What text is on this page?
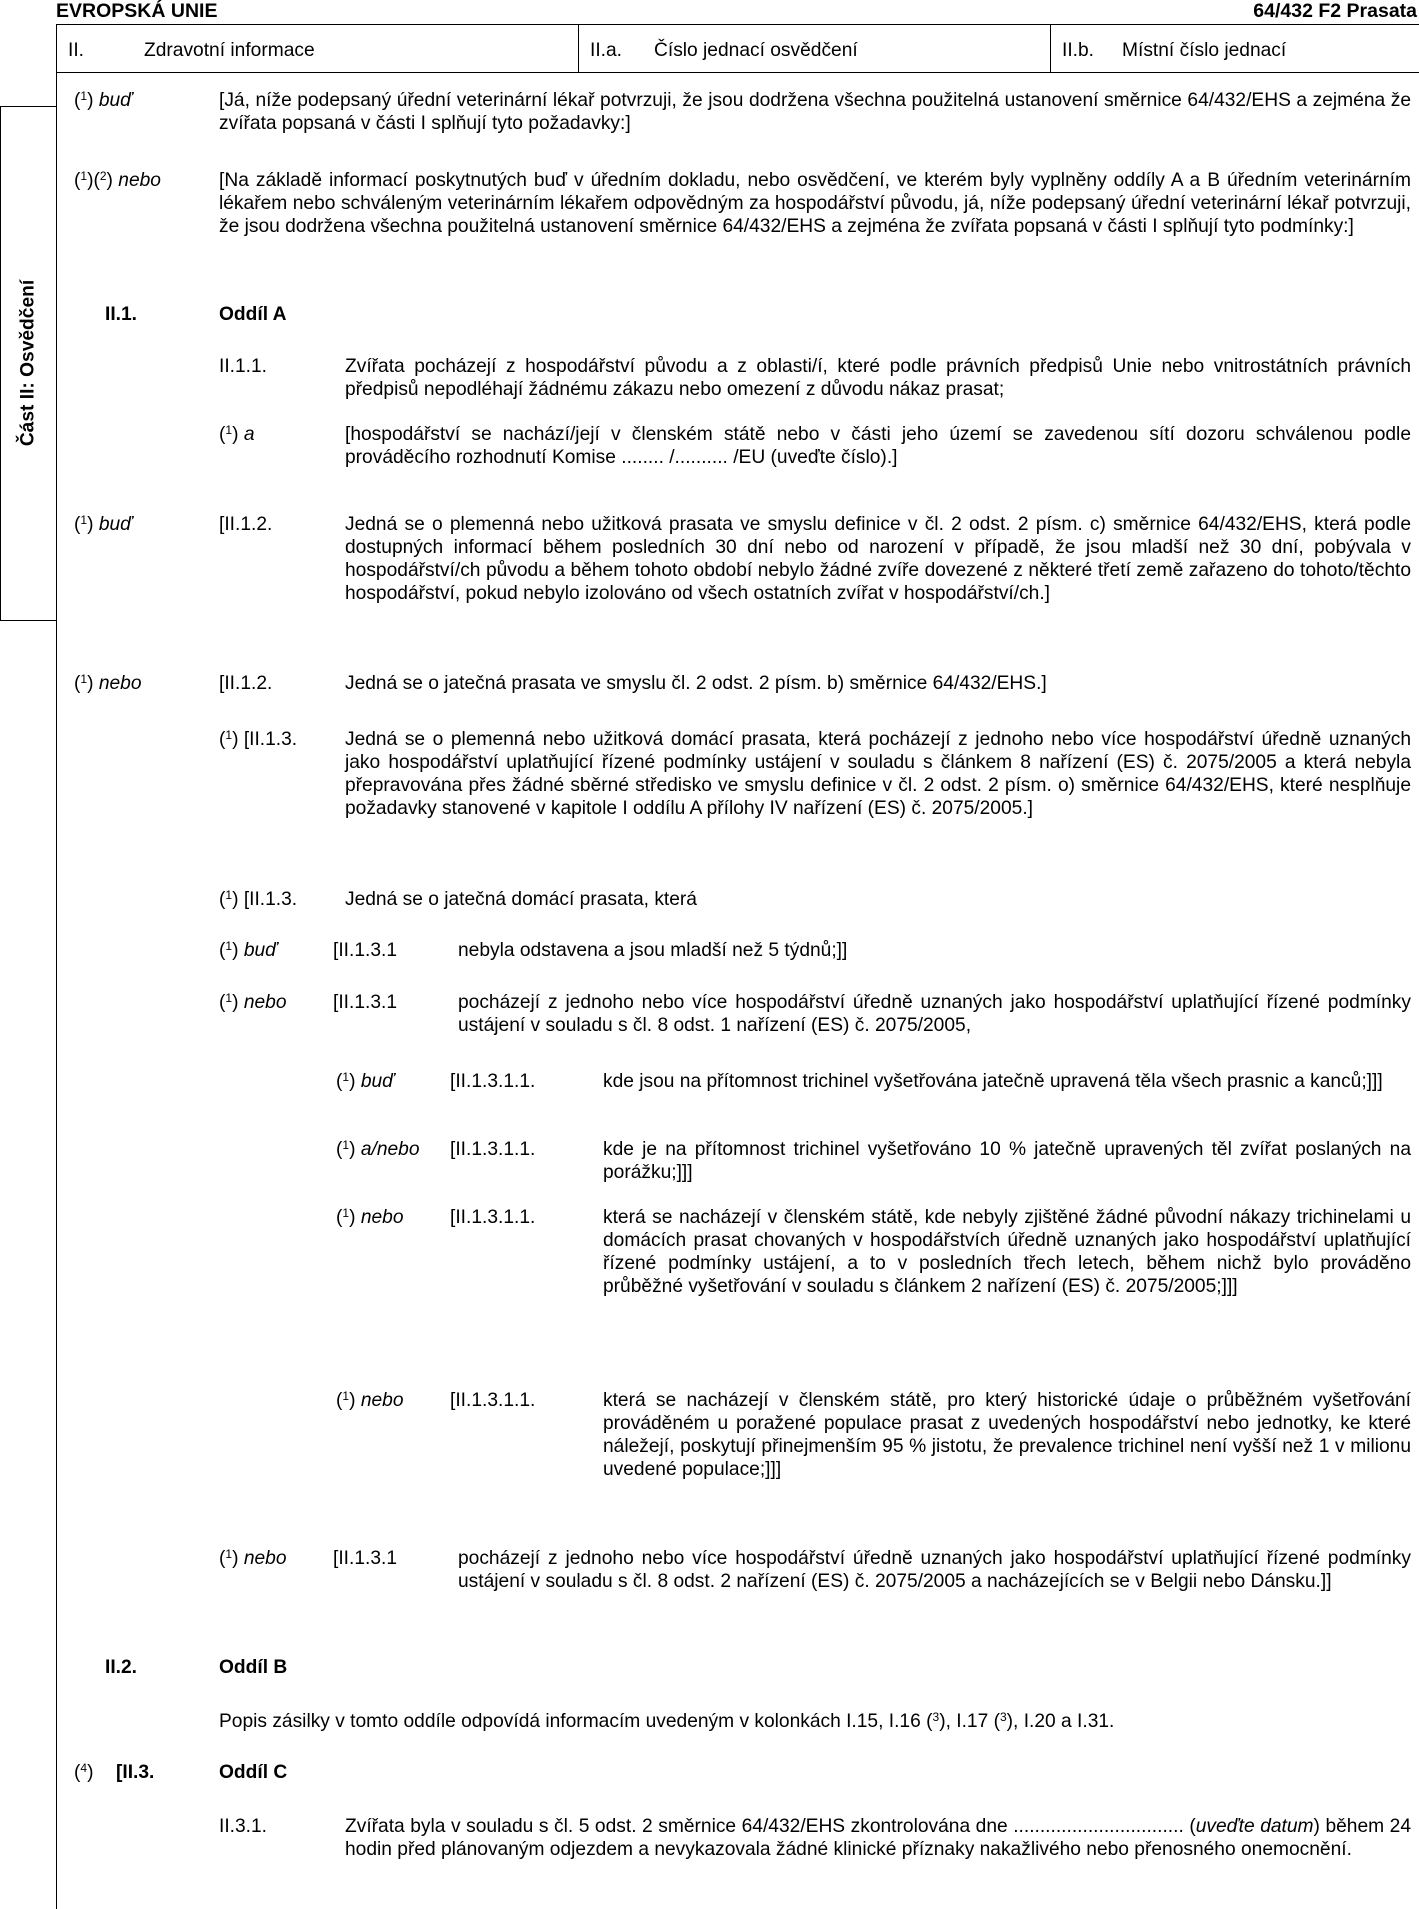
EVROPSKÁ UNIE	64/432 F2 Prasata
II.	Zdravotní informace	II.a. Číslo jednací osvědčení	II.b. Místní číslo jednací
Část II: Osvědčení
($^1$) buď	[Já, níže podepsaný úřední veterinární lékař potvrzuji, že jsou dodržena všechna použitelná ustanovení směrnice 64/432/EHS a zejména že zvířata popsaná v části I splňují tyto požadavky:]
($^1$)($^2$) nebo	[Na základě informací poskytnutých buď v úředním dokladu, nebo osvědčení, ve kterém byly vyplněny oddíly A a B úředním veterinárním lékařem nebo schváleným veterinárním lékařem odpovědným za hospodářství původu, já, níže podepsaný úřední veterinární lékař potvrzuji, že jsou dodržena všechna použitelná ustanovení směrnice 64/432/EHS a zejména že zvířata popsaná v části I splňují tyto podmínky:]
II.1.	Oddíl A
II.1.1.	Zvířata pocházejí z hospodářství původu a z oblasti/í, které podle právních předpisů Unie nebo vnitrostátních právních předpisů nepodléhají žádnému zákazu nebo omezení z důvodu nákaz prasat;
($^1$) a	[hospodářství se nachází/její v členském státě nebo v části jeho území se zavedenou sítí dozoru schválenou podle prováděcího rozhodnutí Komise ........ /.......... /EU (uveďte číslo).]
($^1$) buď	[II.1.2.	Jedná se o plemenná nebo užitková prasata ve smyslu definice v čl. 2 odst. 2 písm. c) směrnice 64/432/EHS, která podle dostupných informací během posledních 30 dní nebo od narození v případě, že jsou mladší než 30 dní, pobývala v hospodářství/ch původu a během tohoto období nebylo žádné zvíře dovezené z některé třetí země zařazeno do tohoto/těchto hospodářství, pokud nebylo izolováno od všech ostatních zvířat v hospodářství/ch.]
($^1$) nebo	[II.1.2.	Jedná se o jatečná prasata ve smyslu čl. 2 odst. 2 písm. b) směrnice 64/432/EHS.]
($^1$) [II.1.3. Jedná se o plemenná nebo užitková domácí prasata, která pocházejí z jednoho nebo více hospodářství úředně uznaných jako hospodářství uplatňující řízené podmínky ustájení v souladu s článkem 8 nařízení (ES) č. 2075/2005 a která nebyla přepravována přes žádné sběrné středisko ve smyslu definice v čl. 2 odst. 2 písm. o) směrnice 64/432/EHS, které nesplňuje požadavky stanovené v kapitole I oddílu A přílohy IV nařízení (ES) č. 2075/2005.]
($^1$) [II.1.3. Jedná se o jatečná domácí prasata, která
($^1$) buď	[II.1.3.1	nebyla odstavena a jsou mladší než 5 týdnů;]]
($^1$) nebo [II.1.3.1	pocházejí z jednoho nebo více hospodářství úředně uznaných jako hospodářství uplatňující řízené podmínky ustájení v souladu s čl. 8 odst. 1 nařízení (ES) č. 2075/2005,
($^1$) buď	[II.1.3.1.1.	kde jsou na přítomnost trichinel vyšetřována jatečně upravená těla všech prasnic a kanců;]]]
($^1$) a/nebo [II.1.3.1.1.	kde je na přítomnost trichinel vyšetřováno 10 % jatečně upravených těl zvířat poslaných na porážku;]]]
($^1$) nebo [II.1.3.1.1.	která se nacházejí v členském státě, kde nebyly zjištěné žádné původní nákazy trichinelami u domácích prasat chovaných v hospodářstvích úředně uznaných jako hospodářství uplatňující řízené podmínky ustájení, a to v posledních třech letech, během nichž bylo prováděno průběžné vyšetřování v souladu s článkem 2 nařízení (ES) č. 2075/2005;]]]
($^1$) nebo [II.1.3.1.1.	která se nacházejí v členském státě, pro který historické údaje o průběžném vyšetřování prováděném u poražené populace prasat z uvedených hospodářství nebo jednotky, ke které náležejí, poskytují přinejmenším 95 % jistotu, že prevalence trichinel není vyšší než 1 v milionu uvedené populace;]]]
($^1$) nebo [II.1.3.1	pocházejí z jednoho nebo více hospodářství úředně uznaných jako hospodářství uplatňující řízené podmínky ustájení v souladu s čl. 8 odst. 2 nařízení (ES) č. 2075/2005 a nacházejících se v Belgii nebo Dánsku.]]
II.2.	Oddíl B
Popis zásilky v tomto oddíle odpovídá informacím uvedeným v kolonkách I.15, I.16 ($^3$), I.17 ($^3$), I.20 a I.31.
($^4$) [II.3.	Oddíl C
II.3.1.	Zvířata byla v souladu s čl. 5 odst. 2 směrnice 64/432/EHS zkontrolována dne ................................ (uveďte datum) během 24 hodin před plánovaným odjezdem a nevykazovala žádné klinické příznaky nakažlivého nebo přenosného onemocnění.
